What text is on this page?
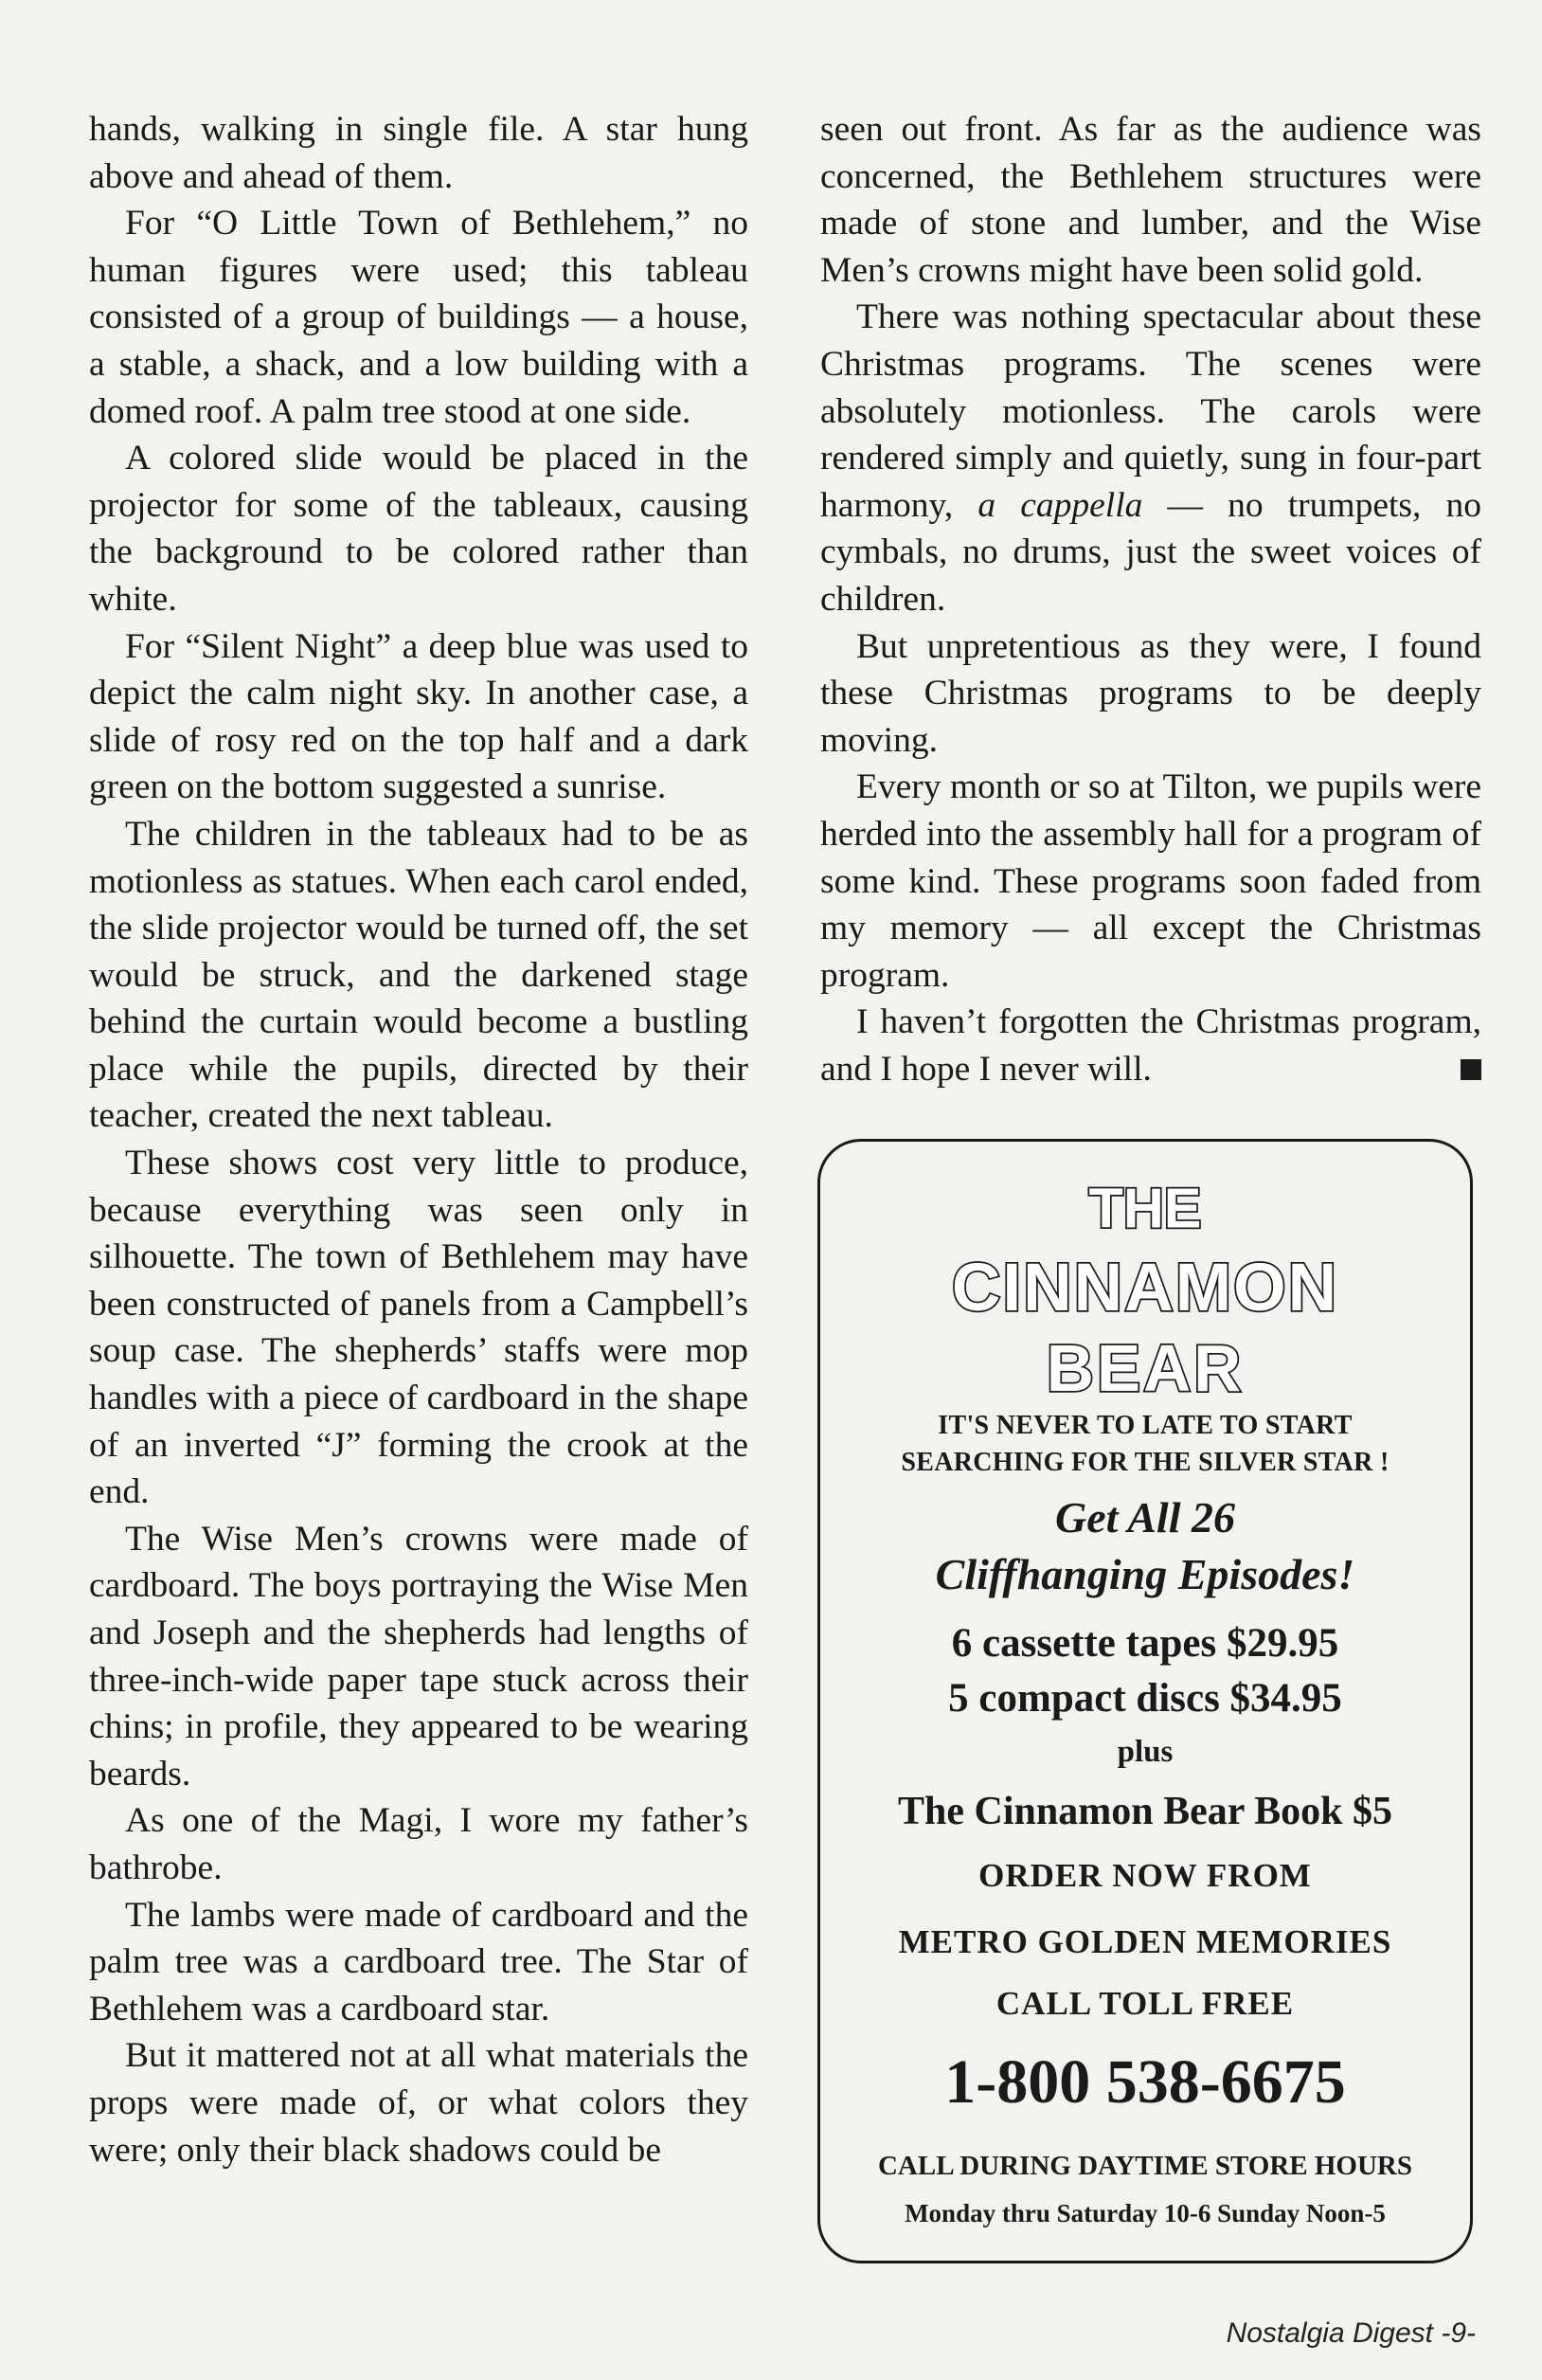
hands, walking in single file. A star hung above and ahead of them.

For “O Little Town of Bethlehem,” no human figures were used; this tableau consisted of a group of buildings — a house, a stable, a shack, and a low building with a domed roof. A palm tree stood at one side.

A colored slide would be placed in the projector for some of the tableaux, causing the background to be colored rather than white.

For “Silent Night” a deep blue was used to depict the calm night sky. In another case, a slide of rosy red on the top half and a dark green on the bottom suggested a sunrise.

The children in the tableaux had to be as motionless as statues. When each carol ended, the slide projector would be turned off, the set would be struck, and the darkened stage behind the curtain would become a bustling place while the pupils, directed by their teacher, created the next tableau.

These shows cost very little to produce, because everything was seen only in silhouette. The town of Bethlehem may have been constructed of panels from a Campbell’s soup case. The shepherds’ staffs were mop handles with a piece of cardboard in the shape of an inverted “J” forming the crook at the end.

The Wise Men’s crowns were made of cardboard. The boys portraying the Wise Men and Joseph and the shepherds had lengths of three-inch-wide paper tape stuck across their chins; in profile, they appeared to be wearing beards.

As one of the Magi, I wore my father’s bathrobe.

The lambs were made of cardboard and the palm tree was a cardboard tree. The Star of Bethlehem was a cardboard star.

But it mattered not at all what materials the props were made of, or what colors they were; only their black shadows could be

seen out front. As far as the audience was concerned, the Bethlehem structures were made of stone and lumber, and the Wise Men’s crowns might have been solid gold.

There was nothing spectacular about these Christmas programs. The scenes were absolutely motionless. The carols were rendered simply and quietly, sung in four-part harmony, a cappella — no trumpets, no cymbals, no drums, just the sweet voices of children.

But unpretentious as they were, I found these Christmas programs to be deeply moving.

Every month or so at Tilton, we pupils were herded into the assembly hall for a program of some kind. These programs soon faded from my memory — all except the Christmas program.

I haven’t forgotten the Christmas program, and I hope I never will.

THE
CINNAMON
BEAR
IT'S NEVER TO LATE TO START
SEARCHING FOR THE SILVER STAR !
Get All 26
Cliffhanging Episodes!
6 cassette tapes $29.95
5 compact discs $34.95
plus
The Cinnamon Bear Book $5
ORDER NOW FROM
METRO GOLDEN MEMORIES
CALL TOLL FREE
1-800 538-6675
CALL DURING DAYTIME STORE HOURS
Monday thru Saturday 10-6 Sunday Noon-5
Nostalgia Digest -9-
